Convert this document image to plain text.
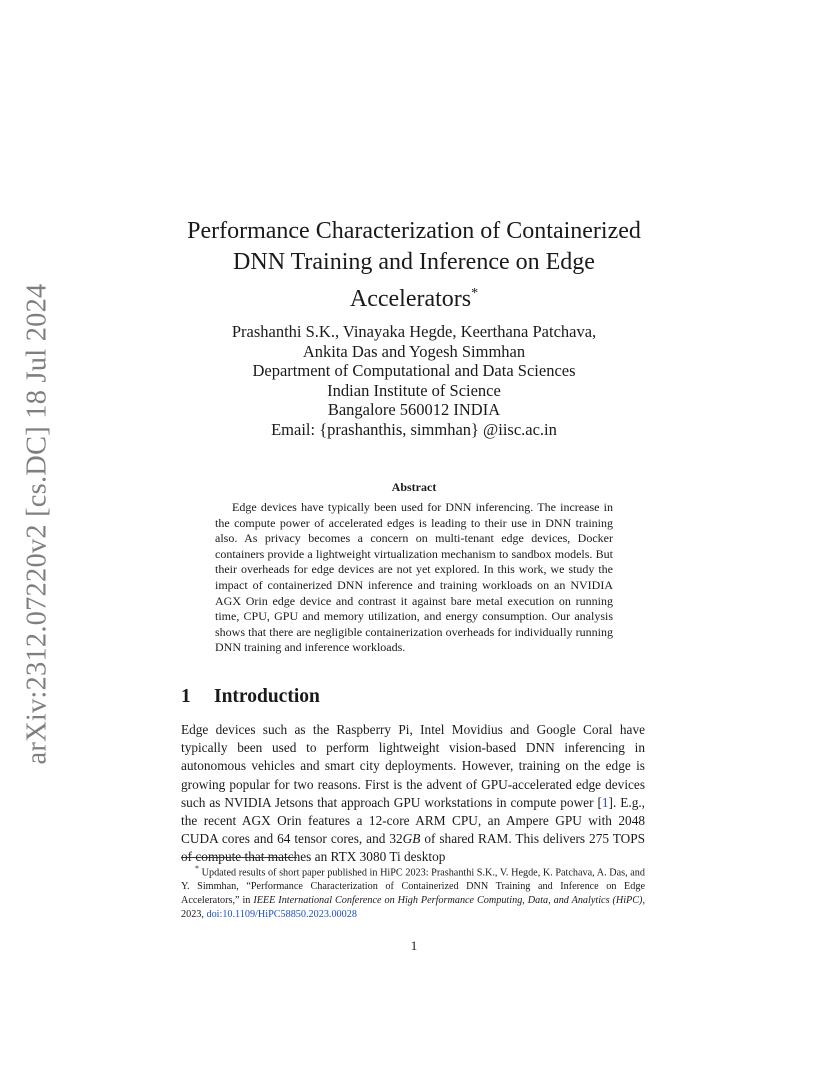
arXiv:2312.07220v2 [cs.DC] 18 Jul 2024
Performance Characterization of Containerized
DNN Training and Inference on Edge
Accelerators*
Prashanthi S.K., Vinayaka Hegde, Keerthana Patchava,
Ankita Das and Yogesh Simmhan
Department of Computational and Data Sciences
Indian Institute of Science
Bangalore 560012 INDIA
Email: {prashanthis, simmhan} @iisc.ac.in
Abstract

Edge devices have typically been used for DNN inferencing. The increase in the compute power of accelerated edges is leading to their use in DNN training also. As privacy becomes a concern on multi-tenant edge devices, Docker containers provide a lightweight virtualization mechanism to sandbox models. But their overheads for edge devices are not yet explored. In this work, we study the impact of containerized DNN inference and training workloads on an NVIDIA AGX Orin edge device and contrast it against bare metal execution on running time, CPU, GPU and memory utilization, and energy consumption. Our analysis shows that there are negligible containerization overheads for individually running DNN training and inference workloads.

1 Introduction

Edge devices such as the Raspberry Pi, Intel Movidius and Google Coral have typically been used to perform lightweight vision-based DNN inferencing in autonomous vehicles and smart city deployments. However, training on the edge is growing popular for two reasons. First is the advent of GPU-accelerated edge devices such as NVIDIA Jetsons that approach GPU workstations in compute power [1]. E.g., the recent AGX Orin features a 12-core ARM CPU, an Ampere GPU with 2048 CUDA cores and 64 tensor cores, and 32GB of shared RAM. This delivers 275 TOPS of compute that matches an RTX 3080 Ti desktop

* Updated results of short paper published in HiPC 2023: Prashanthi S.K., V. Hegde, K. Patchava, A. Das, and Y. Simmhan, “Performance Characterization of Containerized DNN Training and Inference on Edge Accelerators,” in IEEE International Conference on High Performance Computing, Data, and Analytics (HiPC), 2023, doi:10.1109/HiPC58850.2023.00028

1
